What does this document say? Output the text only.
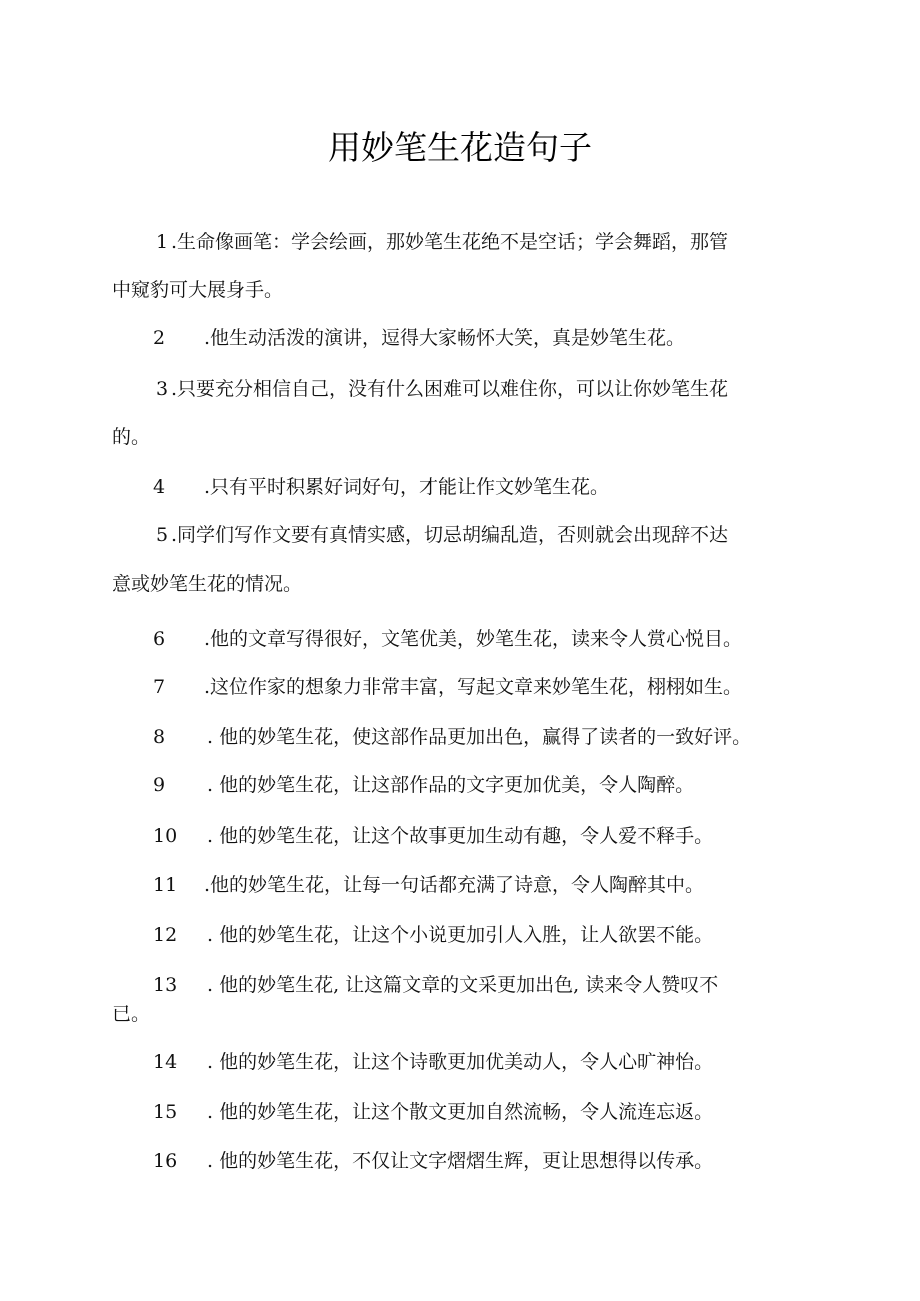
用妙笔生花造句子
1 .生命像画笔：学会绘画，那妙笔生花绝不是空话；学会舞蹈，那管
中窥豹可大展身手。
2 .他生动活泼的演讲，逗得大家畅怀大笑，真是妙笔生花。
3 .只要充分相信自己，没有什么困难可以难住你，可以让你妙笔生花
的。
4 .只有平时积累好词好句，才能让作文妙笔生花。
5 .同学们写作文要有真情实感，切忌胡编乱造，否则就会出现辞不达
意或妙笔生花的情况。
6 .他的文章写得很好，文笔优美，妙笔生花，读来令人赏心悦目。
7 .这位作家的想象力非常丰富，写起文章来妙笔生花，栩栩如生。
8 . 他的妙笔生花，使这部作品更加出色，赢得了读者的一致好评。
9 . 他的妙笔生花，让这部作品的文字更加优美，令人陶醉。
10 . 他的妙笔生花，让这个故事更加生动有趣，令人爱不释手。
11 .他的妙笔生花，让每一句话都充满了诗意，令人陶醉其中。
12 . 他的妙笔生花，让这个小说更加引人入胜，让人欲罢不能。
13 . 他的妙笔生花, 让这篇文章的文采更加出色, 读来令人赞叹不
已。
14 . 他的妙笔生花，让这个诗歌更加优美动人，令人心旷神怡。
15 . 他的妙笔生花，让这个散文更加自然流畅，令人流连忘返。
16 . 他的妙笔生花，不仅让文字熠熠生辉，更让思想得以传承。
